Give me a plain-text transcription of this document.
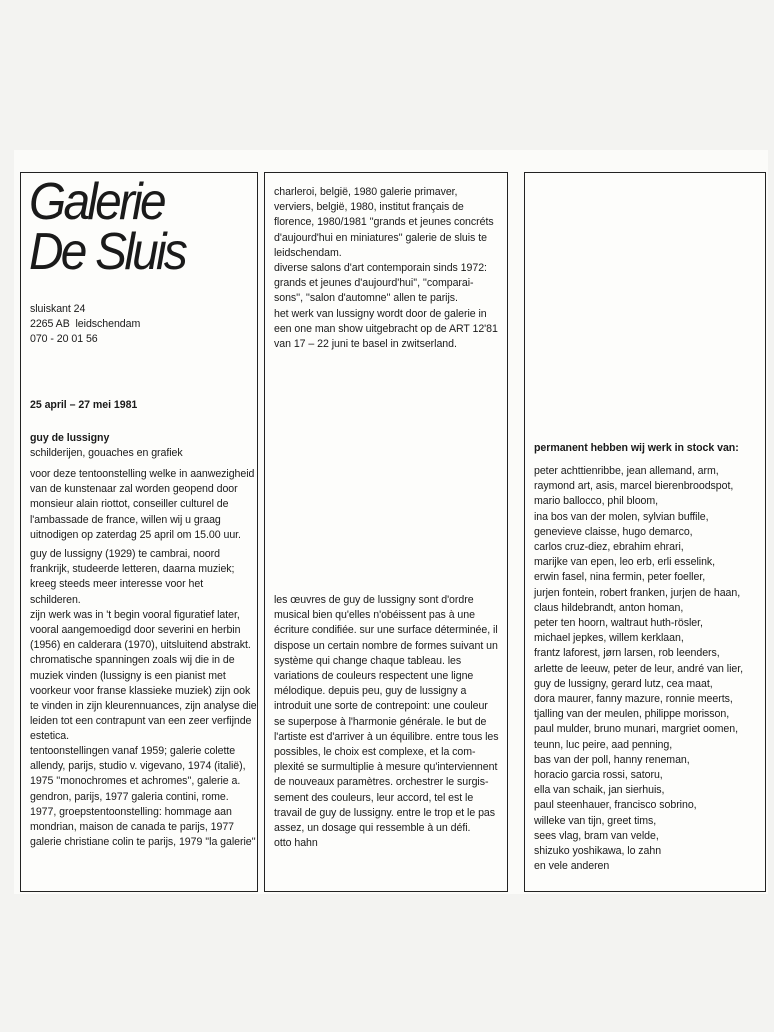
Galerie
De Sluis
sluiskant 24
2265 AB  leidschendam
070 - 20 01 56
25 april – 27 mei 1981
guy de lussigny
schilderijen, gouaches en grafiek
voor deze tentoonstelling welke in aanwezigheid
van de kunstenaar zal worden geopend door
monsieur alain riottot, conseiller culturel de
l'ambassade de france, willen wij u graag
uitnodigen op zaterdag 25 april om 15.00 uur.
guy de lussigny (1929) te cambrai, noord
frankrijk, studeerde letteren, daarna muziek;
kreeg steeds meer interesse voor het
schilderen.
zijn werk was in 't begin vooral figuratief later,
vooral aangemoedigd door severini en herbin
(1956) en calderara (1970), uitsluitend abstrakt.
chromatische spanningen zoals wij die in de
muziek vinden (lussigny is een pianist met
voorkeur voor franse klassieke muziek) zijn ook
te vinden in zijn kleurennuances, zijn analyse die
leiden tot een contrapunt van een zeer verfijnde
estetica.
tentoonstellingen vanaf 1959; galerie colette
allendy, parijs, studio v. vigevano, 1974 (italië),
1975 ''monochromes et achromes'', galerie a.
gendron, parijs, 1977 galeria contini, rome.
1977, groepstentoonstelling: hommage aan
mondrian, maison de canada te parijs, 1977
galerie christiane colin te parijs, 1979 ''la galerie''
charleroi, belgië, 1980 galerie primaver,
verviers, belgië, 1980, institut français de
florence, 1980/1981 ''grands et jeunes concréts
d'aujourd'hui en miniatures'' galerie de sluis te
leidschendam.
diverse salons d'art contemporain sinds 1972:
grands et jeunes d'aujourd'hui'', ''comparai-
sons'', ''salon d'automne'' allen te parijs.
het werk van lussigny wordt door de galerie in
een one man show uitgebracht op de ART 12'81
van 17 – 22 juni te basel in zwitserland.
les œuvres de guy de lussigny sont d'ordre
musical bien qu'elles n'obéissent pas à une
écriture condifiée. sur une surface déterminée, il
dispose un certain nombre de formes suivant un
système qui change chaque tableau. les
variations de couleurs respectent une ligne
mélodique. depuis peu, guy de lussigny a
introduit une sorte de contrepoint: une couleur
se superpose à l'harmonie générale. le but de
l'artiste est d'arriver à un équilibre. entre tous les
possibles, le choix est complexe, et la com-
plexité se surmultiplie à mesure qu'interviennent
de nouveaux paramètres. orchestrer le surgis-
sement des couleurs, leur accord, tel est le
travail de guy de lussigny. entre le trop et le pas
assez, un dosage qui ressemble à un défi.
otto hahn
permanent hebben wij werk in stock van:
peter achttienribbe, jean allemand, arm,
raymond art, asis, marcel bierenbroodspot,
mario ballocco, phil bloom,
ina bos van der molen, sylvian buffile,
genevieve claisse, hugo demarco,
carlos cruz-diez, ebrahim ehrari,
marijke van epen, leo erb, erli esselink,
erwin fasel, nina fermin, peter foeller,
jurjen fontein, robert franken, jurjen de haan,
claus hildebrandt, anton homan,
peter ten hoorn, waltraut huth-rösler,
michael jepkes, willem kerklaan,
frantz laforest, jørn larsen, rob leenders,
arlette de leeuw, peter de leur, andré van lier,
guy de lussigny, gerard lutz, cea maat,
dora maurer, fanny mazure, ronnie meerts,
tjalling van der meulen, philippe morisson,
paul mulder, bruno munari, margriet oomen,
teunn, luc peire, aad penning,
bas van der poll, hanny reneman,
horacio garcia rossi, satoru,
ella van schaik, jan sierhuis,
paul steenhauer, francisco sobrino,
willeke van tijn, greet tims,
sees vlag, bram van velde,
shizuko yoshikawa, lo zahn
en vele anderen
